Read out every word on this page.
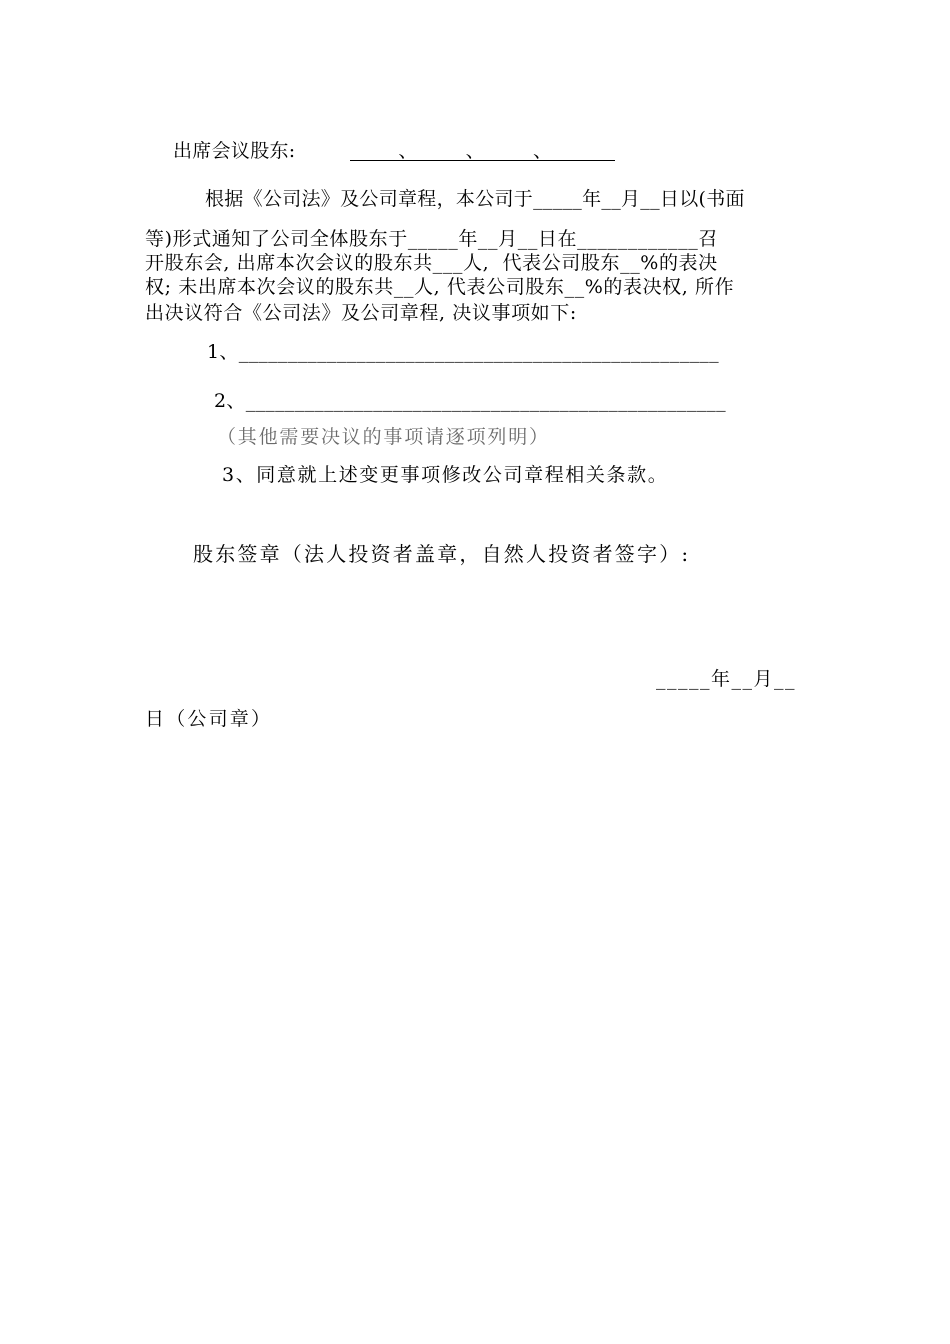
出席会议股东:	、        、        、
根据《公司法》及公司章程，本公司于_____年__月__日以(书面
等)形式通知了公司全体股东于_____年__月__日在____________召
开股东会, 出席本次会议的股东共___人,  代表公司股东__%的表决
权; 未出席本次会议的股东共__人, 代表公司股东__%的表决权, 所作
出决议符合《公司法》及公司章程, 决议事项如下:
1、_________________________________________________
2、_________________________________________________
（其他需要决议的事项请逐项列明）
3、同意就上述变更事项修改公司章程相关条款。
股东签章（法人投资者盖章，自然人投资者签字）:
_____年__月__
日（公司章）
